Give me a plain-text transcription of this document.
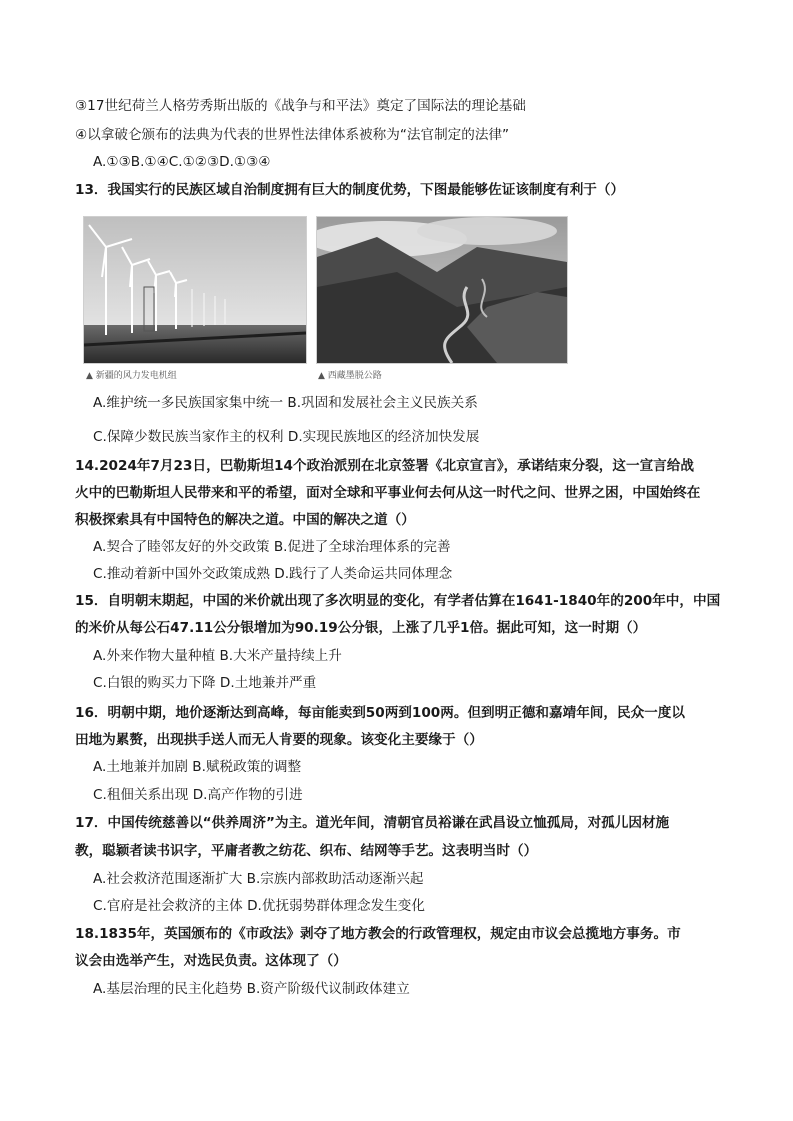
③17世纪荷兰人格劳秀斯出版的《战争与和平法》奠定了国际法的理论基础
④以拿破仑颁布的法典为代表的世界性法律体系被称为“法官制定的法律”
A.①③B.①④C.①②③D.①③④
13．我国实行的民族区域自治制度拥有巨大的制度优势，下图最能够佐证该制度有利于（）
▲ 新疆的风力发电机组	▲ 西藏墨脱公路
A.维护统一多民族国家集中统一 B.巩固和发展社会主义民族关系
C.保障少数民族当家作主的权利 D.实现民族地区的经济加快发展
14.2024年7月23日，巴勒斯坦14个政治派别在北京签署《北京宣言》，承诺结束分裂，这一宣言给战
火中的巴勒斯坦人民带来和平的希望，面对全球和平事业何去何从这一时代之问、世界之困，中国始终在
积极探索具有中国特色的解决之道。中国的解决之道（）
A.契合了睦邻友好的外交政策 B.促进了全球治理体系的完善
C.推动着新中国外交政策成熟 D.践行了人类命运共同体理念
15．自明朝末期起，中国的米价就出现了多次明显的变化，有学者估算在1641-1840年的200年中，中国
的米价从每公石47.11公分银增加为90.19公分银，上涨了几乎1倍。据此可知，这一时期（）
A.外来作物大量种植 B.大米产量持续上升
C.白银的购买力下降 D.土地兼并严重
16．明朝中期，地价逐渐达到高峰，每亩能卖到50两到100两。但到明正德和嘉靖年间，民众一度以
田地为累赘，出现拱手送人而无人肯要的现象。该变化主要缘于（）
A.土地兼并加剧 B.赋税政策的调整
C.租佃关系出现 D.高产作物的引进
17．中国传统慈善以“供养周济”为主。道光年间，清朝官员裕谦在武昌设立恤孤局，对孤儿因材施
教，聪颖者读书识字，平庸者教之纺花、织布、结网等手艺。这表明当时（）
A.社会救济范围逐渐扩大 B.宗族内部救助活动逐渐兴起
C.官府是社会救济的主体 D.优抚弱势群体理念发生变化
18.1835年，英国颁布的《市政法》剥夺了地方教会的行政管理权，规定由市议会总揽地方事务。市
议会由选举产生，对选民负责。这体现了（）
A.基层治理的民主化趋势 B.资产阶级代议制政体建立
